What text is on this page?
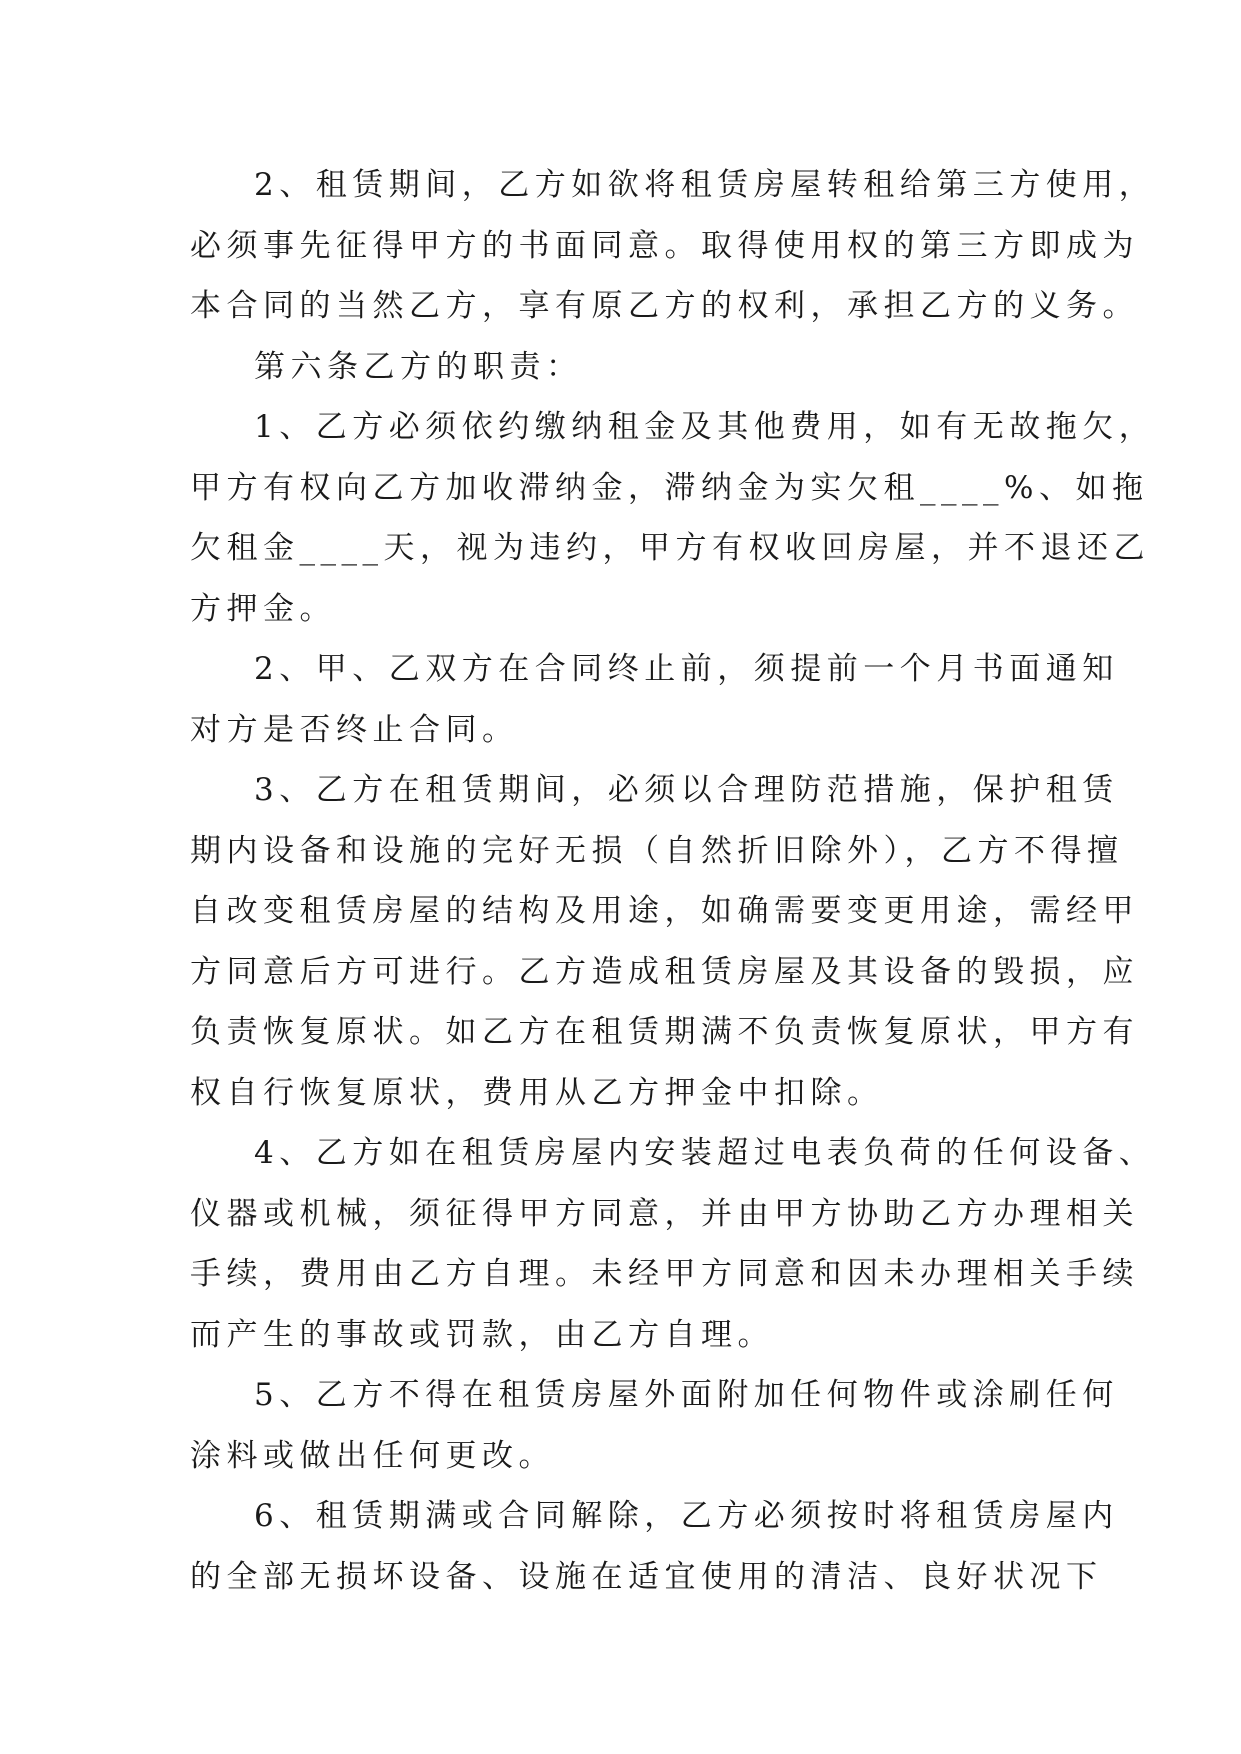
2、租赁期间，乙方如欲将租赁房屋转租给第三方使用，
必须事先征得甲方的书面同意。取得使用权的第三方即成为
本合同的当然乙方，享有原乙方的权利，承担乙方的义务。
第六条乙方的职责：
1、乙方必须依约缴纳租金及其他费用，如有无故拖欠，
甲方有权向乙方加收滞纳金，滞纳金为实欠租____%、如拖
欠租金____天，视为违约，甲方有权收回房屋，并不退还乙
方押金。
2、甲、乙双方在合同终止前，须提前一个月书面通知
对方是否终止合同。
3、乙方在租赁期间，必须以合理防范措施，保护租赁
期内设备和设施的完好无损（自然折旧除外），乙方不得擅
自改变租赁房屋的结构及用途，如确需要变更用途，需经甲
方同意后方可进行。乙方造成租赁房屋及其设备的毁损，应
负责恢复原状。如乙方在租赁期满不负责恢复原状，甲方有
权自行恢复原状，费用从乙方押金中扣除。
4、乙方如在租赁房屋内安装超过电表负荷的任何设备、
仪器或机械，须征得甲方同意，并由甲方协助乙方办理相关
手续，费用由乙方自理。未经甲方同意和因未办理相关手续
而产生的事故或罚款，由乙方自理。
5、乙方不得在租赁房屋外面附加任何物件或涂刷任何
涂料或做出任何更改。
6、租赁期满或合同解除，乙方必须按时将租赁房屋内
的全部无损坏设备、设施在适宜使用的清洁、良好状况下
